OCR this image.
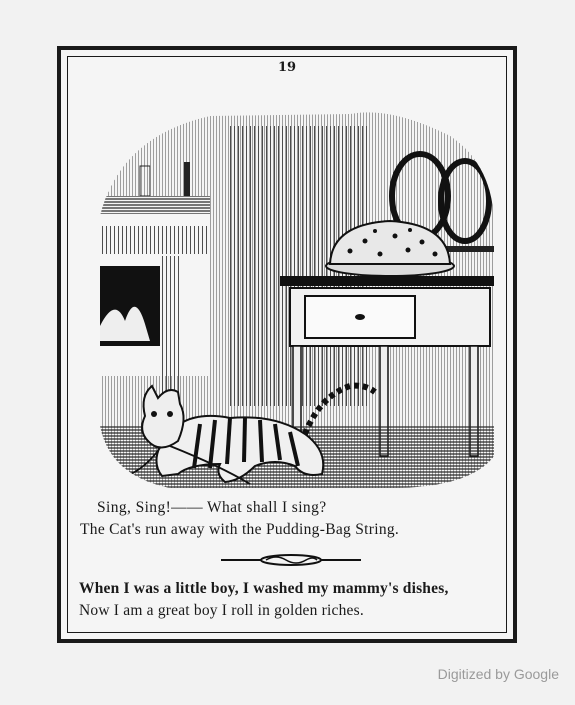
19
Sing, Sing!—— What shall I sing?
The Cat's run away with the Pudding-Bag String.
When I was a little boy, I washed my mammy's dishes,
Now I am a great boy I roll in golden riches.
Digitized by Google
